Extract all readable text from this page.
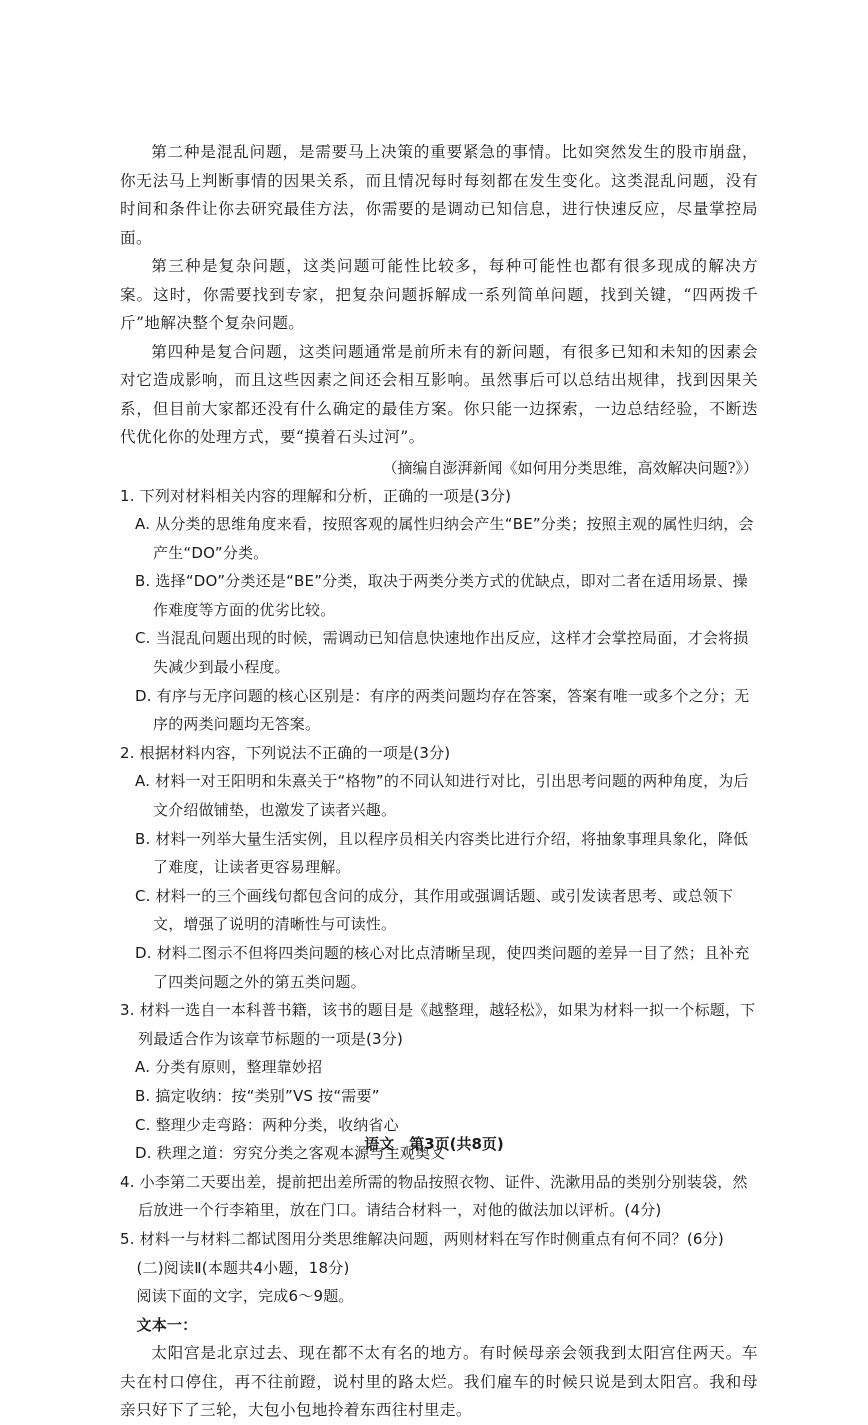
第二种是混乱问题，是需要马上决策的重要紧急的事情。比如突然发生的股市崩盘，你无法马上判断事情的因果关系，而且情况每时每刻都在发生变化。这类混乱问题，没有时间和条件让你去研究最佳方法，你需要的是调动已知信息，进行快速反应，尽量掌控局面。

第三种是复杂问题，这类问题可能性比较多，每种可能性也都有很多现成的解决方案。这时，你需要找到专家，把复杂问题拆解成一系列简单问题，找到关键，“四两拨千斤”地解决整个复杂问题。

第四种是复合问题，这类问题通常是前所未有的新问题，有很多已知和未知的因素会对它造成影响，而且这些因素之间还会相互影响。虽然事后可以总结出规律，找到因果关系，但目前大家都还没有什么确定的最佳方案。你只能一边探索，一边总结经验，不断迭代优化你的处理方式，要“摸着石头过河”。

（摘编自澎湃新闻《如何用分类思维，高效解决问题?》）

1. 下列对材料相关内容的理解和分析，正确的一项是(3分)

A. 从分类的思维角度来看，按照客观的属性归纳会产生“BE”分类；按照主观的属性归纳，会产生“DO”分类。

B. 选择“DO”分类还是“BE”分类，取决于两类分类方式的优缺点，即对二者在适用场景、操作难度等方面的优劣比较。

C. 当混乱问题出现的时候，需调动已知信息快速地作出反应，这样才会掌控局面，才会将损失减少到最小程度。

D. 有序与无序问题的核心区别是：有序的两类问题均存在答案，答案有唯一或多个之分；无序的两类问题均无答案。

2. 根据材料内容，下列说法不正确的一项是(3分)

A. 材料一对王阳明和朱熹关于“格物”的不同认知进行对比，引出思考问题的两种角度，为后文介绍做铺垫，也激发了读者兴趣。

B. 材料一列举大量生活实例，且以程序员相关内容类比进行介绍，将抽象事理具象化，降低了难度，让读者更容易理解。

C. 材料一的三个画线句都包含问的成分，其作用或强调话题、或引发读者思考、或总领下文，增强了说明的清晰性与可读性。

D. 材料二图示不但将四类问题的核心对比点清晰呈现，使四类问题的差异一目了然；且补充了四类问题之外的第五类问题。

3. 材料一选自一本科普书籍，该书的题目是《越整理，越轻松》，如果为材料一拟一个标题，下列最适合作为该章节标题的一项是(3分)

A. 分类有原则，整理靠妙招

B. 搞定收纳：按“类别”VS 按“需要”

C. 整理少走弯路：两种分类，收纳省心

D. 秩理之道：穷究分类之客观本源与主观奥义

4. 小李第二天要出差，提前把出差所需的物品按照衣物、证件、洗漱用品的类别分别装袋，然后放进一个行李箱里，放在门口。请结合材料一，对他的做法加以评析。(4分)

5. 材料一与材料二都试图用分类思维解决问题，两则材料在写作时侧重点有何不同？(6分)

(二)阅读Ⅱ(本题共4小题，18分)

阅读下面的文字，完成6～9题。

文本一：

太阳宫是北京过去、现在都不太有名的地方。有时候母亲会领我到太阳宫住两天。车夫在村口停住，再不往前蹬，说村里的路太烂。我们雇车的时候只说是到太阳宫。我和母亲只好下了三轮，大包小包地拎着东西往村里走。

语文　第3页(共8页)
